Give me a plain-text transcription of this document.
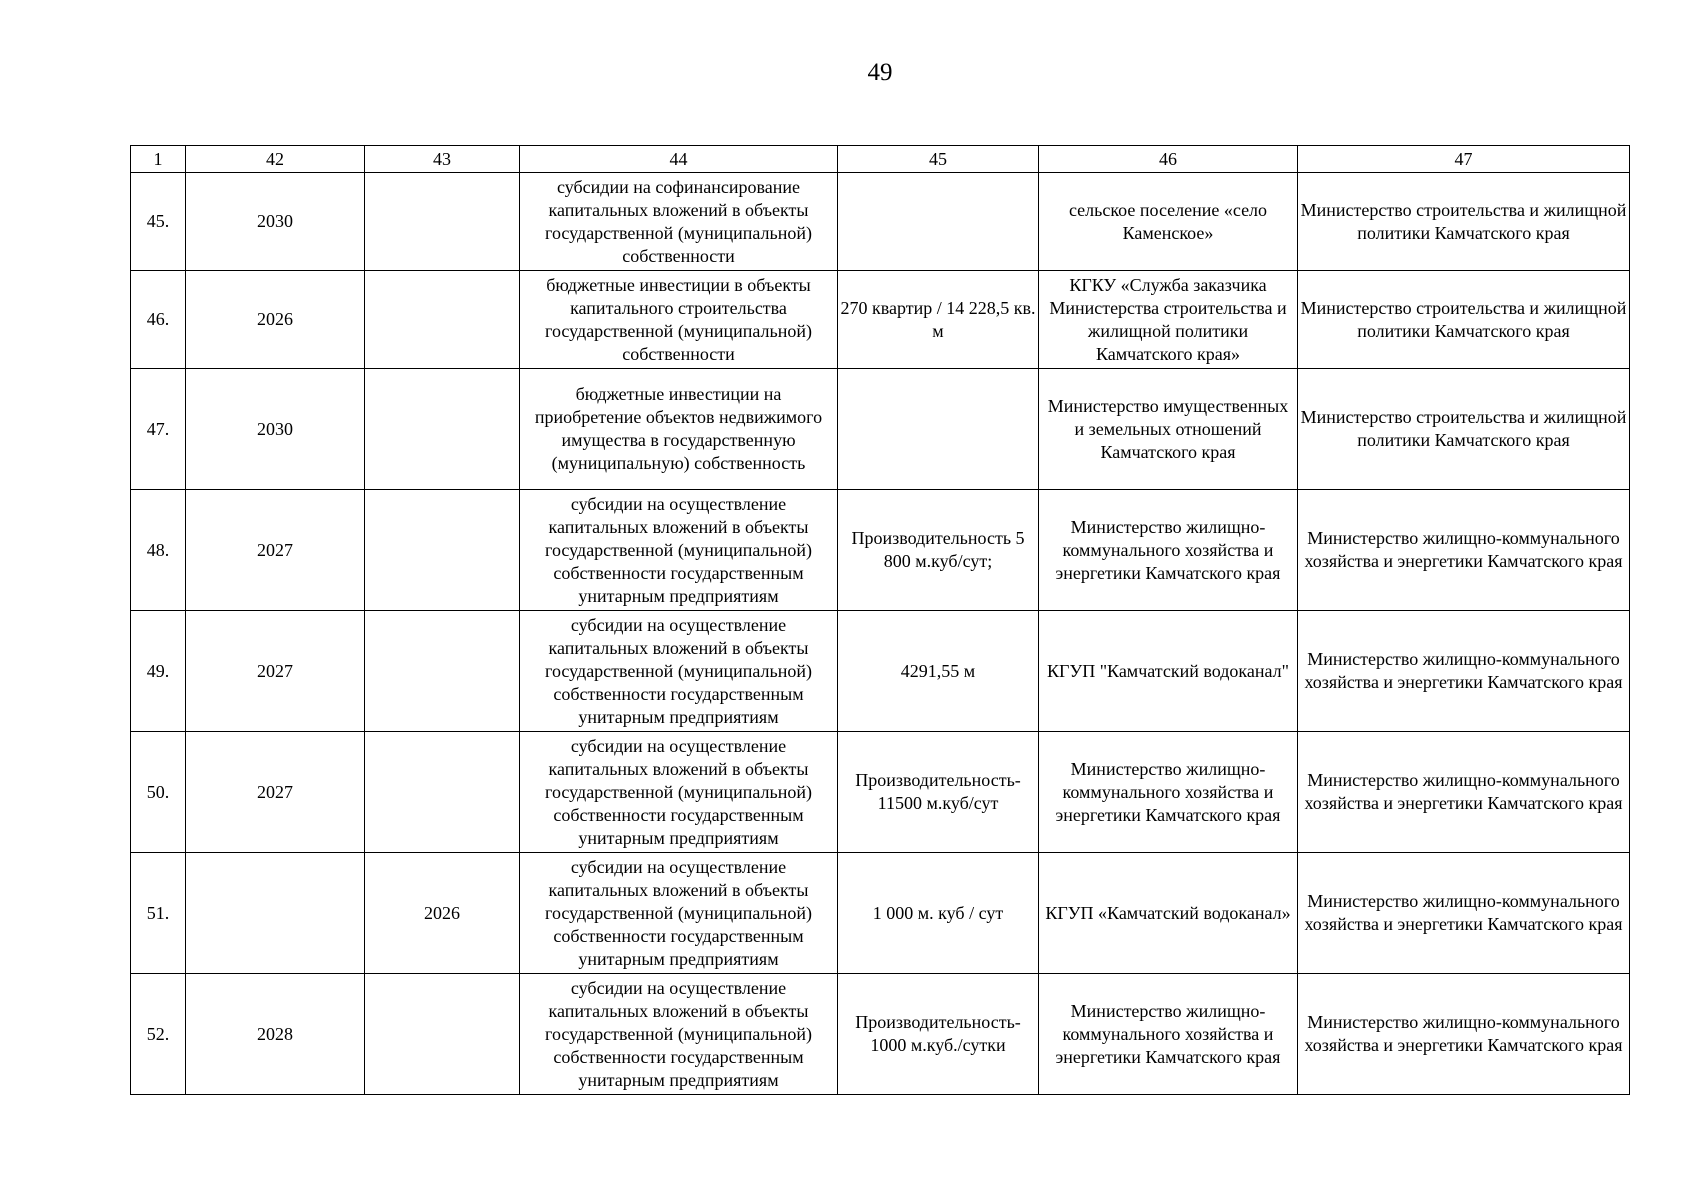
49
1	42	43	44	45	46	47
45.	2030		субсидии на софинансирование капитальных вложений в объекты государственной (муниципальной) собственности		сельское поселение «село Каменское»	Министерство строительства и жилищной политики Камчатского края
46.	2026		бюджетные инвестиции в объекты капитального строительства государственной (муниципальной) собственности	270 квартир / 14 228,5 кв. м	КГКУ «Служба заказчика Министерства строительства и жилищной политики Камчатского края»	Министерство строительства и жилищной политики Камчатского края
47.	2030		бюджетные инвестиции на приобретение объектов недвижимого имущества в государственную (муниципальную) собственность		Министерство имущественных и земельных отношений Камчатского края	Министерство строительства и жилищной политики Камчатского края
48.	2027		субсидии на осуществление капитальных вложений в объекты государственной (муниципальной) собственности государственным унитарным предприятиям	Производительность 5 800 м.куб/сут;	Министерство жилищно-коммунального хозяйства и энергетики Камчатского края	Министерство жилищно-коммунального хозяйства и энергетики Камчатского края
49.	2027		субсидии на осуществление капитальных вложений в объекты государственной (муниципальной) собственности государственным унитарным предприятиям	4291,55 м	КГУП "Камчатский водоканал"	Министерство жилищно-коммунального хозяйства и энергетики Камчатского края
50.	2027		субсидии на осуществление капитальных вложений в объекты государственной (муниципальной) собственности государственным унитарным предприятиям	Производительность- 11500 м.куб/сут	Министерство жилищно-коммунального хозяйства и энергетики Камчатского края	Министерство жилищно-коммунального хозяйства и энергетики Камчатского края
51.		2026	субсидии на осуществление капитальных вложений в объекты государственной (муниципальной) собственности государственным унитарным предприятиям	1 000 м. куб / сут	КГУП «Камчатский водоканал»	Министерство жилищно-коммунального хозяйства и энергетики Камчатского края
52.	2028		субсидии на осуществление капитальных вложений в объекты государственной (муниципальной) собственности государственным унитарным предприятиям	Производительность- 1000 м.куб./сутки	Министерство жилищно-коммунального хозяйства и энергетики Камчатского края	Министерство жилищно-коммунального хозяйства и энергетики Камчатского края
